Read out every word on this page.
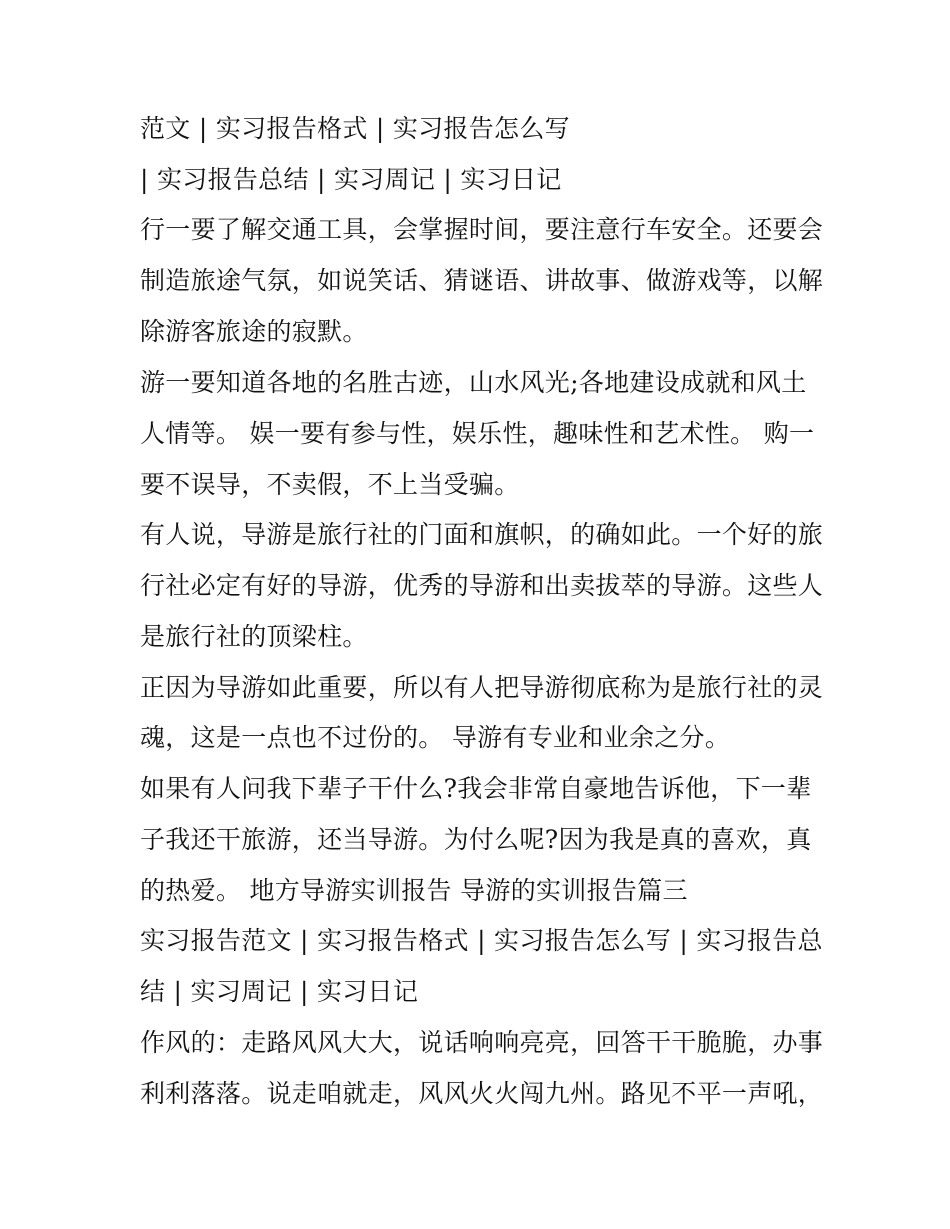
范文 | 实习报告格式 | 实习报告怎么写
| 实习报告总结 | 实习周记 | 实习日记
行一要了解交通工具，会掌握时间，要注意行车安全。还要会
制造旅途气氛，如说笑话、猜谜语、讲故事、做游戏等，以解
除游客旅途的寂默。
游一要知道各地的名胜古迹，山水风光;各地建设成就和风土
人情等。 娱一要有参与性，娱乐性，趣味性和艺术性。 购一
要不误导，不卖假，不上当受骗。
有人说，导游是旅行社的门面和旗帜，的确如此。一个好的旅
行社必定有好的导游，优秀的导游和出卖拔萃的导游。这些人
是旅行社的顶梁柱。
正因为导游如此重要，所以有人把导游彻底称为是旅行社的灵
魂，这是一点也不过份的。 导游有专业和业余之分。
如果有人问我下辈子干什么?我会非常自豪地告诉他，下一辈
子我还干旅游，还当导游。为付么呢?因为我是真的喜欢，真
的热爱。 地方导游实训报告 导游的实训报告篇三
实习报告范文 | 实习报告格式 | 实习报告怎么写 | 实习报告总
结 | 实习周记 | 实习日记
作风的：走路风风大大，说话响响亮亮，回答干干脆脆，办事
利利落落。说走咱就走，风风火火闯九州。路见不平一声吼，
